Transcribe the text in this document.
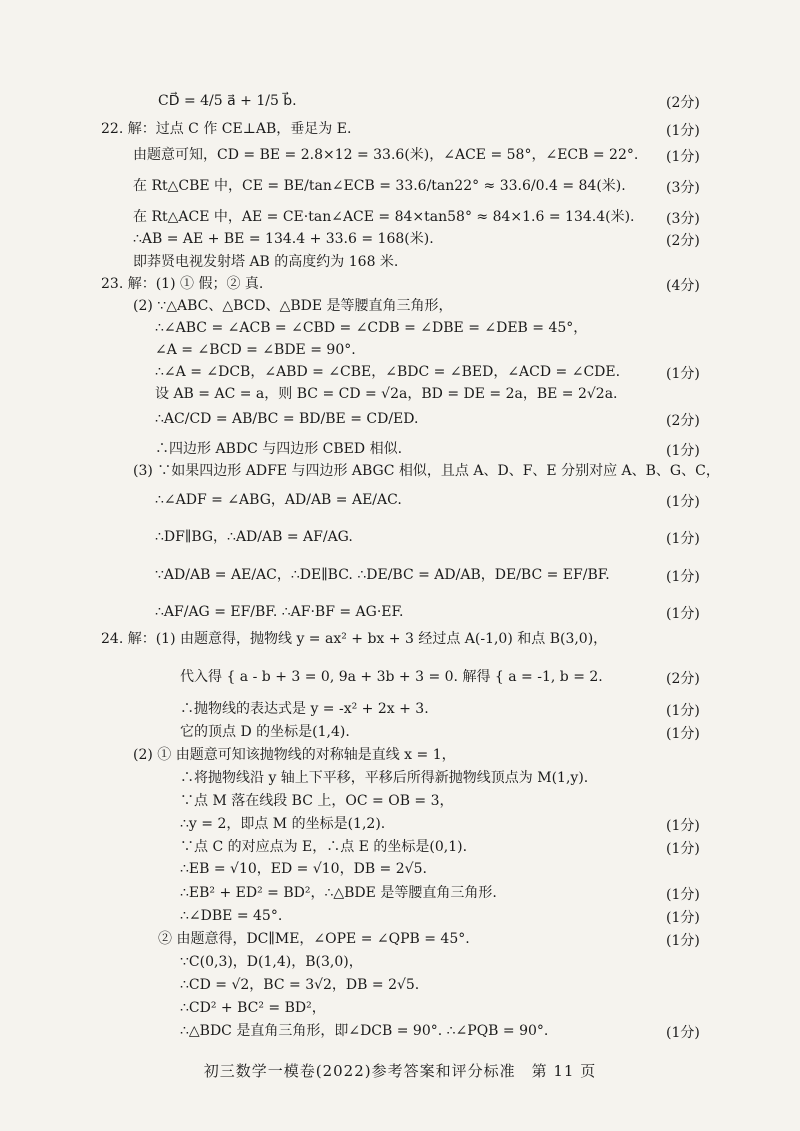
CD⃗ = 4/5 a⃗ + 1/5 b⃗.	(2分)
22. 解：过点 C 作 CE⊥AB，垂足为 E.	(1分)
由题意可知，CD = BE = 2.8×12 = 33.6(米)，∠ACE = 58°，∠ECB = 22°. (1分)
在 Rt△CBE 中，CE = BE/tan∠ECB = 33.6/tan22° ≈ 33.6/0.4 = 84(米).	(3分)
在 Rt△ACE 中，AE = CE·tan∠ACE = 84×tan58° ≈ 84×1.6 = 134.4(米). (3分)
∴AB = AE + BE = 134.4 + 33.6 = 168(米).	(2分)
即莽贤电视发射塔 AB 的高度约为 168 米.
23. 解：(1) ① 假；② 真.	(4分)
(2) ∵△ABC、△BCD、△BDE 是等腰直角三角形，
∴∠ABC = ∠ACB = ∠CBD = ∠CDB = ∠DBE = ∠DEB = 45°，
∠A = ∠BCD = ∠BDE = 90°.
∴∠A = ∠DCB，∠ABD = ∠CBE，∠BDC = ∠BED，∠ACD = ∠CDE.	(1分)
设 AB = AC = a，则 BC = CD = √2a，BD = DE = 2a，BE = 2√2a.
∴AC/CD = AB/BC = BD/BE = CD/ED.	(2分)
∴四边形 ABDC 与四边形 CBED 相似.	(1分)
(3) ∵如果四边形 ADFE 与四边形 ABGC 相似，且点 A、D、F、E 分别对应 A、B、G、C，
∴∠ADF = ∠ABG，AD/AB = AE/AC.	(1分)
∴DF∥BG，∴AD/AB = AF/AG.	(1分)
∵AD/AB = AE/AC，∴DE∥BC. ∴DE/BC = AD/AB，DE/BC = EF/BF.	(1分)
∴AF/AG = EF/BF. ∴AF·BF = AG·EF.	(1分)
24. 解：(1) 由题意得，抛物线 y = ax² + bx + 3 经过点 A(-1,0) 和点 B(3,0)，
代入得 { a - b + 3 = 0, 9a + 3b + 3 = 0. 解得 { a = -1, b = 2.	(2分)
∴抛物线的表达式是 y = -x² + 2x + 3.	(1分)
它的顶点 D 的坐标是(1,4).	(1分)
(2) ① 由题意可知该抛物线的对称轴是直线 x = 1，
∴将抛物线沿 y 轴上下平移，平移后所得新抛物线顶点为 M(1,y).
∵点 M 落在线段 BC 上，OC = OB = 3，
∴y = 2，即点 M 的坐标是(1,2).	(1分)
∵点 C 的对应点为 E，∴点 E 的坐标是(0,1).	(1分)
∴EB = √10，ED = √10，DB = 2√5.
∴EB² + ED² = BD²，∴△BDE 是等腰直角三角形.	(1分)
∴∠DBE = 45°.	(1分)
② 由题意得，DC∥ME，∠OPE = ∠QPB = 45°.	(1分)
∵C(0,3)，D(1,4)，B(3,0)，
∴CD = √2，BC = 3√2，DB = 2√5.
∴CD² + BC² = BD²，
∴△BDC 是直角三角形，即∠DCB = 90°. ∴∠PQB = 90°.	(1分)
初三数学一模卷(2022)参考答案和评分标准　第 11 页
